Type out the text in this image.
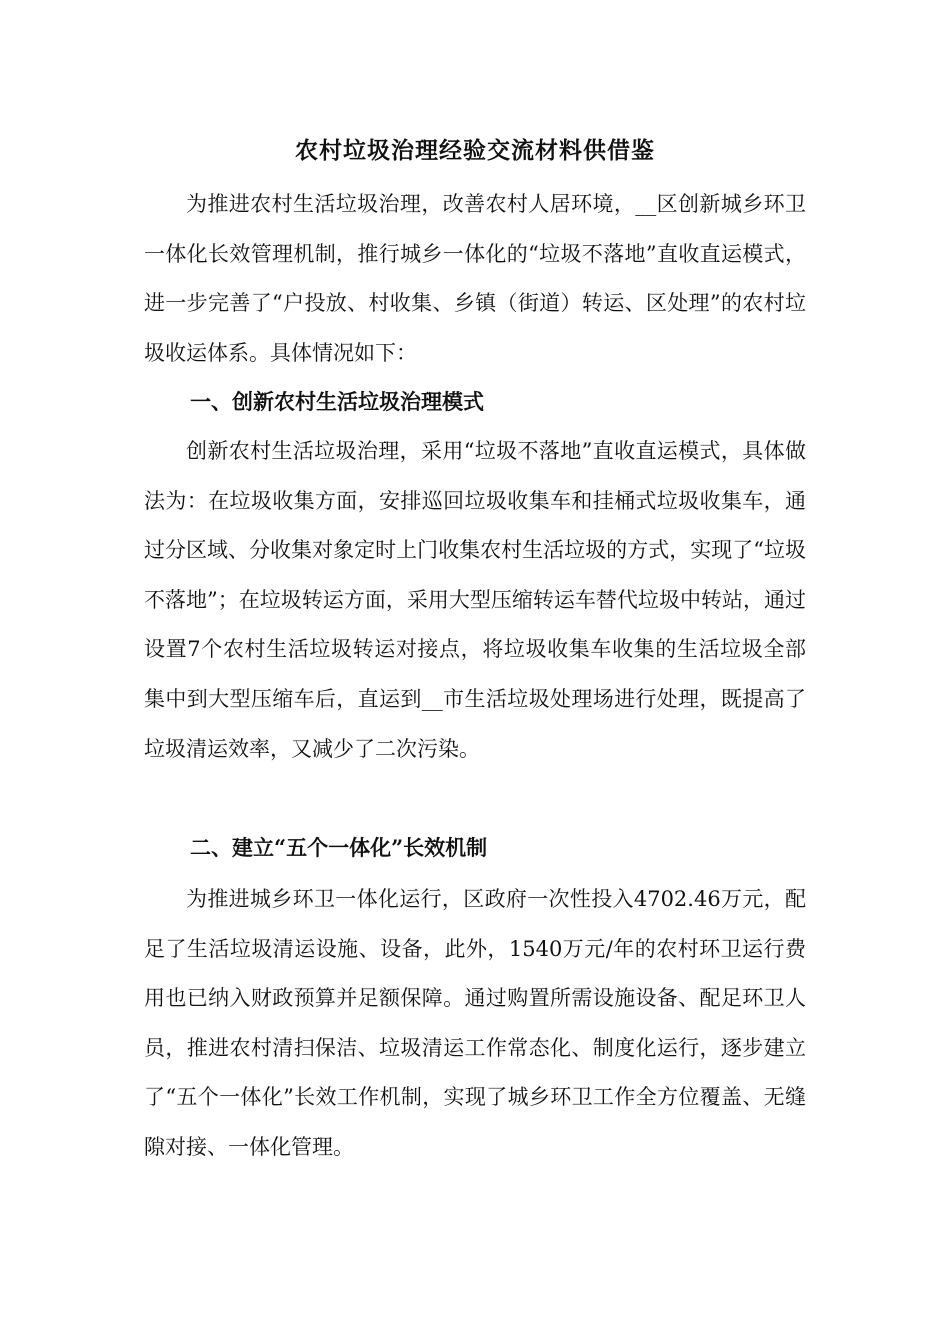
农村垃圾治理经验交流材料供借鉴

为推进农村生活垃圾治理，改善农村人居环境，__区创新城乡环卫一体化长效管理机制，推行城乡一体化的“垃圾不落地”直收直运模式，进一步完善了“户投放、村收集、乡镇（街道）转运、区处理”的农村垃圾收运体系。具体情况如下：

一、创新农村生活垃圾治理模式

创新农村生活垃圾治理，采用“垃圾不落地”直收直运模式，具体做法为：在垃圾收集方面，安排巡回垃圾收集车和挂桶式垃圾收集车，通过分区域、分收集对象定时上门收集农村生活垃圾的方式，实现了“垃圾不落地”；在垃圾转运方面，采用大型压缩转运车替代垃圾中转站，通过设置7个农村生活垃圾转运对接点，将垃圾收集车收集的生活垃圾全部集中到大型压缩车后，直运到__市生活垃圾处理场进行处理，既提高了垃圾清运效率，又减少了二次污染。

二、建立“五个一体化”长效机制

为推进城乡环卫一体化运行，区政府一次性投入4702.46万元，配足了生活垃圾清运设施、设备，此外，1540万元/年的农村环卫运行费用也已纳入财政预算并足额保障。通过购置所需设施设备、配足环卫人员，推进农村清扫保洁、垃圾清运工作常态化、制度化运行，逐步建立了“五个一体化”长效工作机制，实现了城乡环卫工作全方位覆盖、无缝隙对接、一体化管理。
